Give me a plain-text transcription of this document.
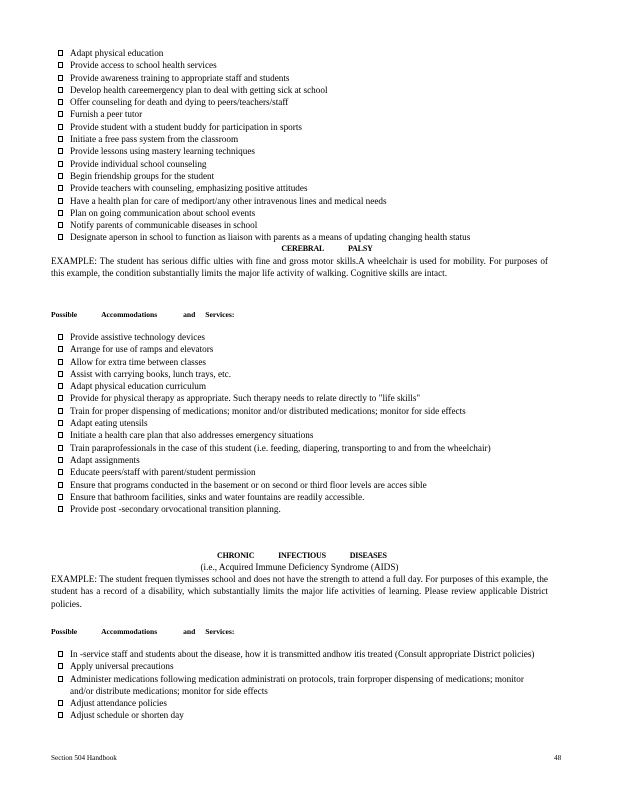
Adapt physical education
Provide access to school health services
Provide awareness training to appropriate staff and students
Develop health careemergency plan to deal with getting sick at school
Offer counseling for death and dying to peers/teachers/staff
Furnish a peer tutor
Provide student with a student buddy for participation in sports
Initiate a free pass system from the classroom
Provide lessons using mastery learning techniques
Provide individual school counseling
Begin friendship groups for the student
Provide teachers with counseling, emphasizing positive attitudes
Have a health plan for care of mediport/any other intravenous lines and medical needs
Plan on going communication about school events
Notify parents of communicable diseases in school
Designate aperson in school to function as liaison with parents as a means of updating changing health status
CEREBRAL	PALSY
EXAMPLE: The student has serious diffic ulties with fine and gross motor skills.A wheelchair is used for mobility. For purposes of this example, the condition substantially limits the major life activity of walking. Cognitive skills are intact.
Possible	Accommodations	and Services:
Provide assistive technology devices
Arrange for use of ramps and elevators
Allow for extra time between classes
Assist with carrying books, lunch trays, etc.
Adapt physical education curriculum
Provide for physical therapy as appropriate. Such therapy needs to relate directly to "life skills"
Train for proper dispensing of medications; monitor and/or distributed medications; monitor for side effects
Adapt eating utensils
Initiate a health care plan that also addresses emergency situations
Train paraprofessionals in the case of this student (i.e. feeding, diapering, transporting to and from the wheelchair)
Adapt assignments
Educate peers/staff with parent/student permission
Ensure that programs conducted in the basement or on second or third floor levels are acces sible
Ensure that bathroom facilities, sinks and water fountains are readily accessible.
Provide post -secondary orvocational transition planning.
CHRONIC	INFECTIOUS	DISEASES
(i.e., Acquired Immune Deficiency Syndrome (AIDS)
EXAMPLE: The student frequen tlymisses school and does not have the strength to attend a full day. For purposes of this example, the student has a record of a disability, which substantially limits the major life activities of learning. Please review applicable District policies.
Possible	Accommodations	and Services:
In -service staff and students about the disease, how it is transmitted andhow itis treated (Consult appropriate District policies)
Apply universal precautions
Administer medications following medication administrati on protocols, train forproper dispensing of medications; monitor and/or distribute medications; monitor for side effects
Adjust attendance policies
Adjust schedule or shorten day
Section 504 Handbook	48
